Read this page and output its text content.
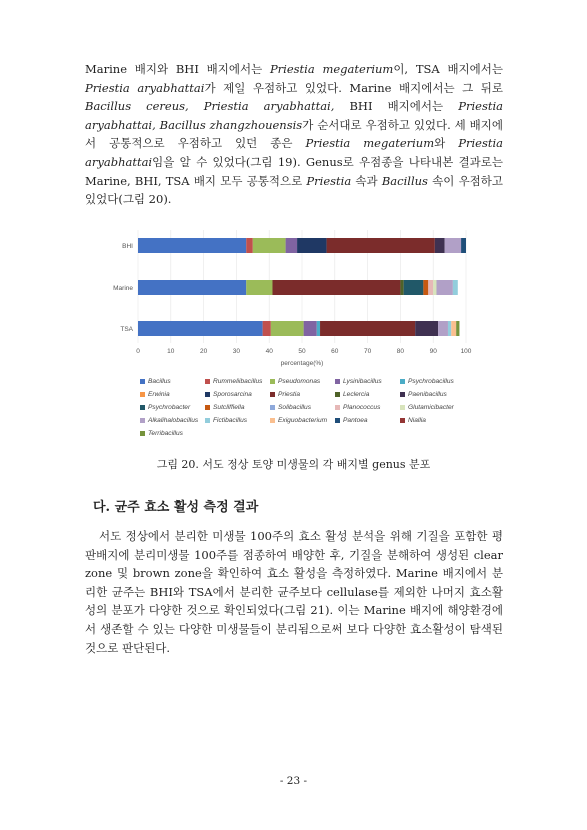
Marine 배지와 BHI 배지에서는 Priestia megaterium이, TSA 배지에서는 Priestia aryabhattai가 제일 우점하고 있었다. Marine 배지에서는 그 뒤로 Bacillus cereus, Priestia aryabhattai, BHI 배지에서는 Priestia aryabhattai, Bacillus zhangzhouensis가 순서대로 우점하고 있었다. 세 배지에서 공통적으로 우점하고 있던 종은 Priestia megaterium와 Priestia aryabhattai임을 알 수 있었다(그림 19). Genus로 우점종을 나타내본 결과로는 Marine, BHI, TSA 배지 모두 공통적으로 Priestia 속과 Bacillus 속이 우점하고 있었다(그림 20).

BHI
Marine
TSA
0	10	20	30	40	50	60	70	80	90	100
percentage(%)
Bacillus	Rummeliibacillus Pseudomonas	Lysinibacillus	Psychrobacillus
Erwinia	Sporosarcina	Priestia	Leclercia	Paenibacillus
Psychrobacter	Sutcliffiella	Solibacillus	Planococcus	Glutamicibacter
Alkalihalobacillus Fictibacillus	Exiguobacterium Pantoea	Niallia
Terribacillus
그림 20. 서도 정상 토양 미생물의 각 배지별 genus 분포
다. 균주 효소 활성 측정 결과

서도 정상에서 분리한 미생물 100주의 효소 활성 분석을 위해 기질을 포함한 평판배지에 분리미생물 100주를 점종하여 배양한 후, 기질을 분해하여 생성된 clear zone 및 brown zone을 확인하여 효소 활성을 측정하였다. Marine 배지에서 분리한 균주는 BHI와 TSA에서 분리한 균주보다 cellulase를 제외한 나머지 효소활성의 분포가 다양한 것으로 확인되었다(그림 21). 이는 Marine 배지에 해양환경에서 생존할 수 있는 다양한 미생물들이 분리됨으로써 보다 다양한 효소활성이 탐색된 것으로 판단된다.

- 23 -
